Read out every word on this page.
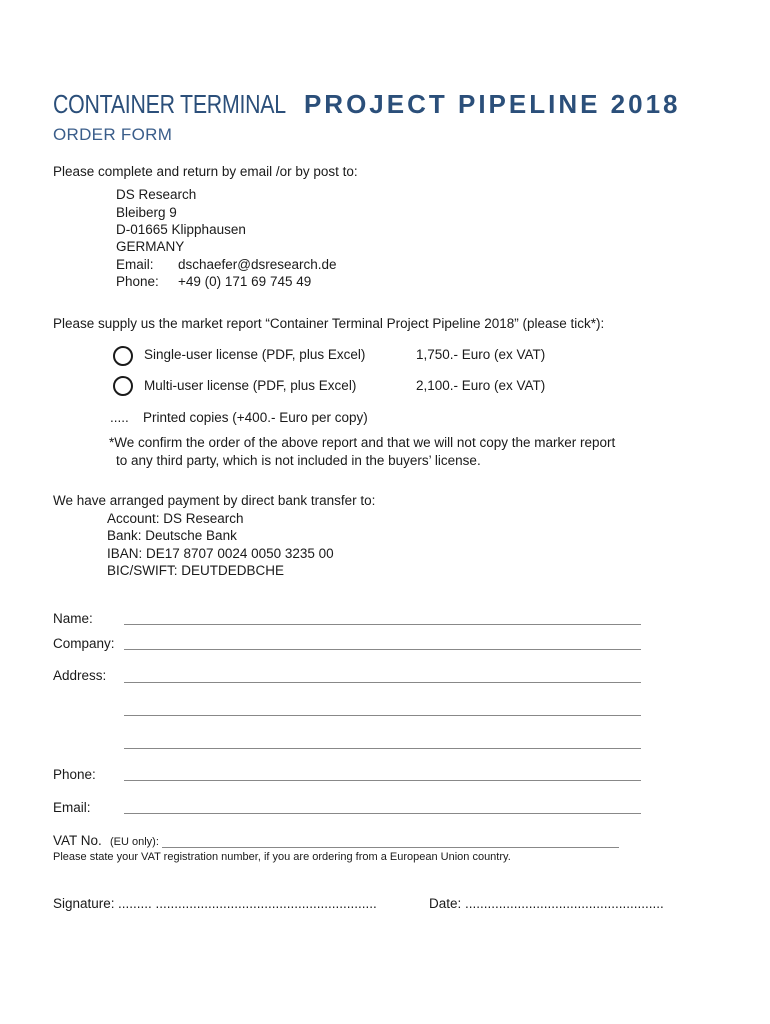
CONTAINER TERMINAL PROJECT PIPELINE 2018
ORDER FORM
Please complete and return by email /or by post to:
DS Research
Bleiberg 9
D-01665 Klipphausen
GERMANY
Email: dschaefer@dsresearch.de
Phone: +49 (0) 171 69 745 49
Please supply us the market report “Container Terminal Project Pipeline 2018” (please tick*):
Single-user license (PDF, plus Excel)	1,750.- Euro (ex VAT)
Multi-user license (PDF, plus Excel)	2,100.- Euro (ex VAT)
..... Printed copies (+400.- Euro per copy)
*We confirm the order of the above report and that we will not copy the marker report
to any third party, which is not included in the buyers’ license.
We have arranged payment by direct bank transfer to:
Account: DS Research
Bank: Deutsche Bank
IBAN: DE17 8707 0024 0050 3235 00
BIC/SWIFT: DEUTDEDBCHE
Name:
Company:
Address:
Phone:
Email:
VAT No. (EU only):
Please state your VAT registration number, if you are ordering from a European Union country.
Signature: ......... ...........................................................	Date: .....................................................
